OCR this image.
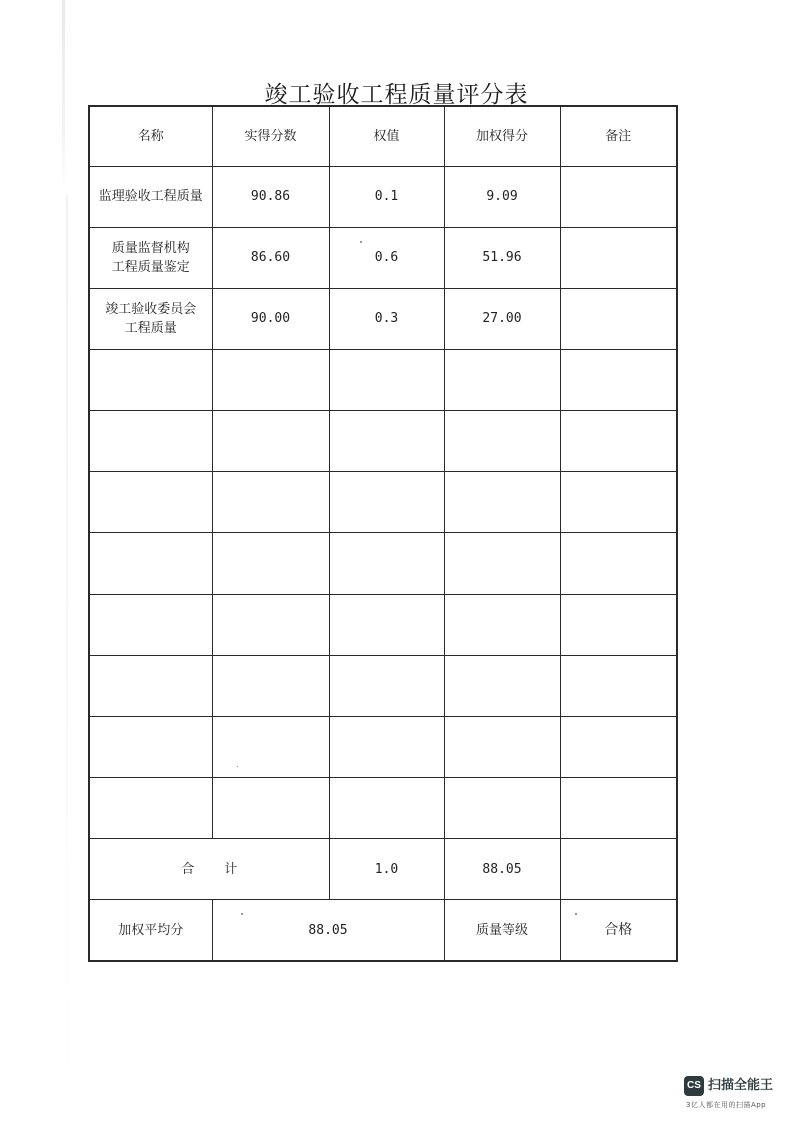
竣工验收工程质量评分表
名称	实得分数	权值	加权得分	备注
监理验收工程质量	90.86	0.1	9.09	
质量监督机构
工程质量鉴定	86.60	0.6	51.96	
竣工验收委员会
工程质量	90.00	0.3	27.00	

合 计		1.0	88.05	
加权平均分	88.05		质量等级	合格
CS 扫描全能王
3亿人都在用的扫描App
